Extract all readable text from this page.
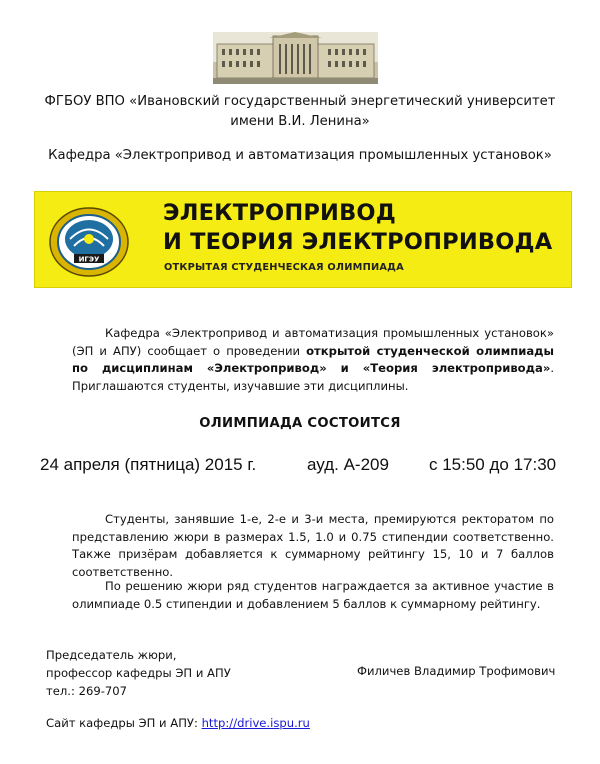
ФГБОУ ВПО «Ивановский государственный энергетический университет
имени В.И. Ленина»
Кафедра «Электропривод и автоматизация промышленных установок»
ИГЭУ
ЭЛЕКТРОПРИВОД
И ТЕОРИЯ ЭЛЕКТРОПРИВОДА
ОТКРЫТАЯ СТУДЕНЧЕСКАЯ ОЛИМПИАДА
Кафедра «Электропривод и автоматизация промышленных установок» (ЭП и АПУ) сообщает о проведении открытой студенческой олимпиады по дисциплинам «Электропривод» и «Теория электропривода». Приглашаются студенты, изучавшие эти дисциплины.
ОЛИМПИАДА СОСТОИТСЯ
24 апреля (пятница) 2015 г.	ауд. А-209 с 15:50 до 17:30
Студенты, занявшие 1-е, 2-е и 3-и места, премируются ректоратом по представлению жюри в размерах 1.5, 1.0 и 0.75 стипендии соответственно. Также призёрам добавляется к суммарному рейтингу 15, 10 и 7 баллов соответственно.
По решению жюри ряд студентов награждается за активное участие в олимпиаде 0.5 стипендии и добавлением 5 баллов к суммарному рейтингу.
Председатель жюри,
профессор кафедры ЭП и АПУ
тел.: 269-707
Филичев Владимир Трофимович
Сайт кафедры ЭП и АПУ: http://drive.ispu.ru
